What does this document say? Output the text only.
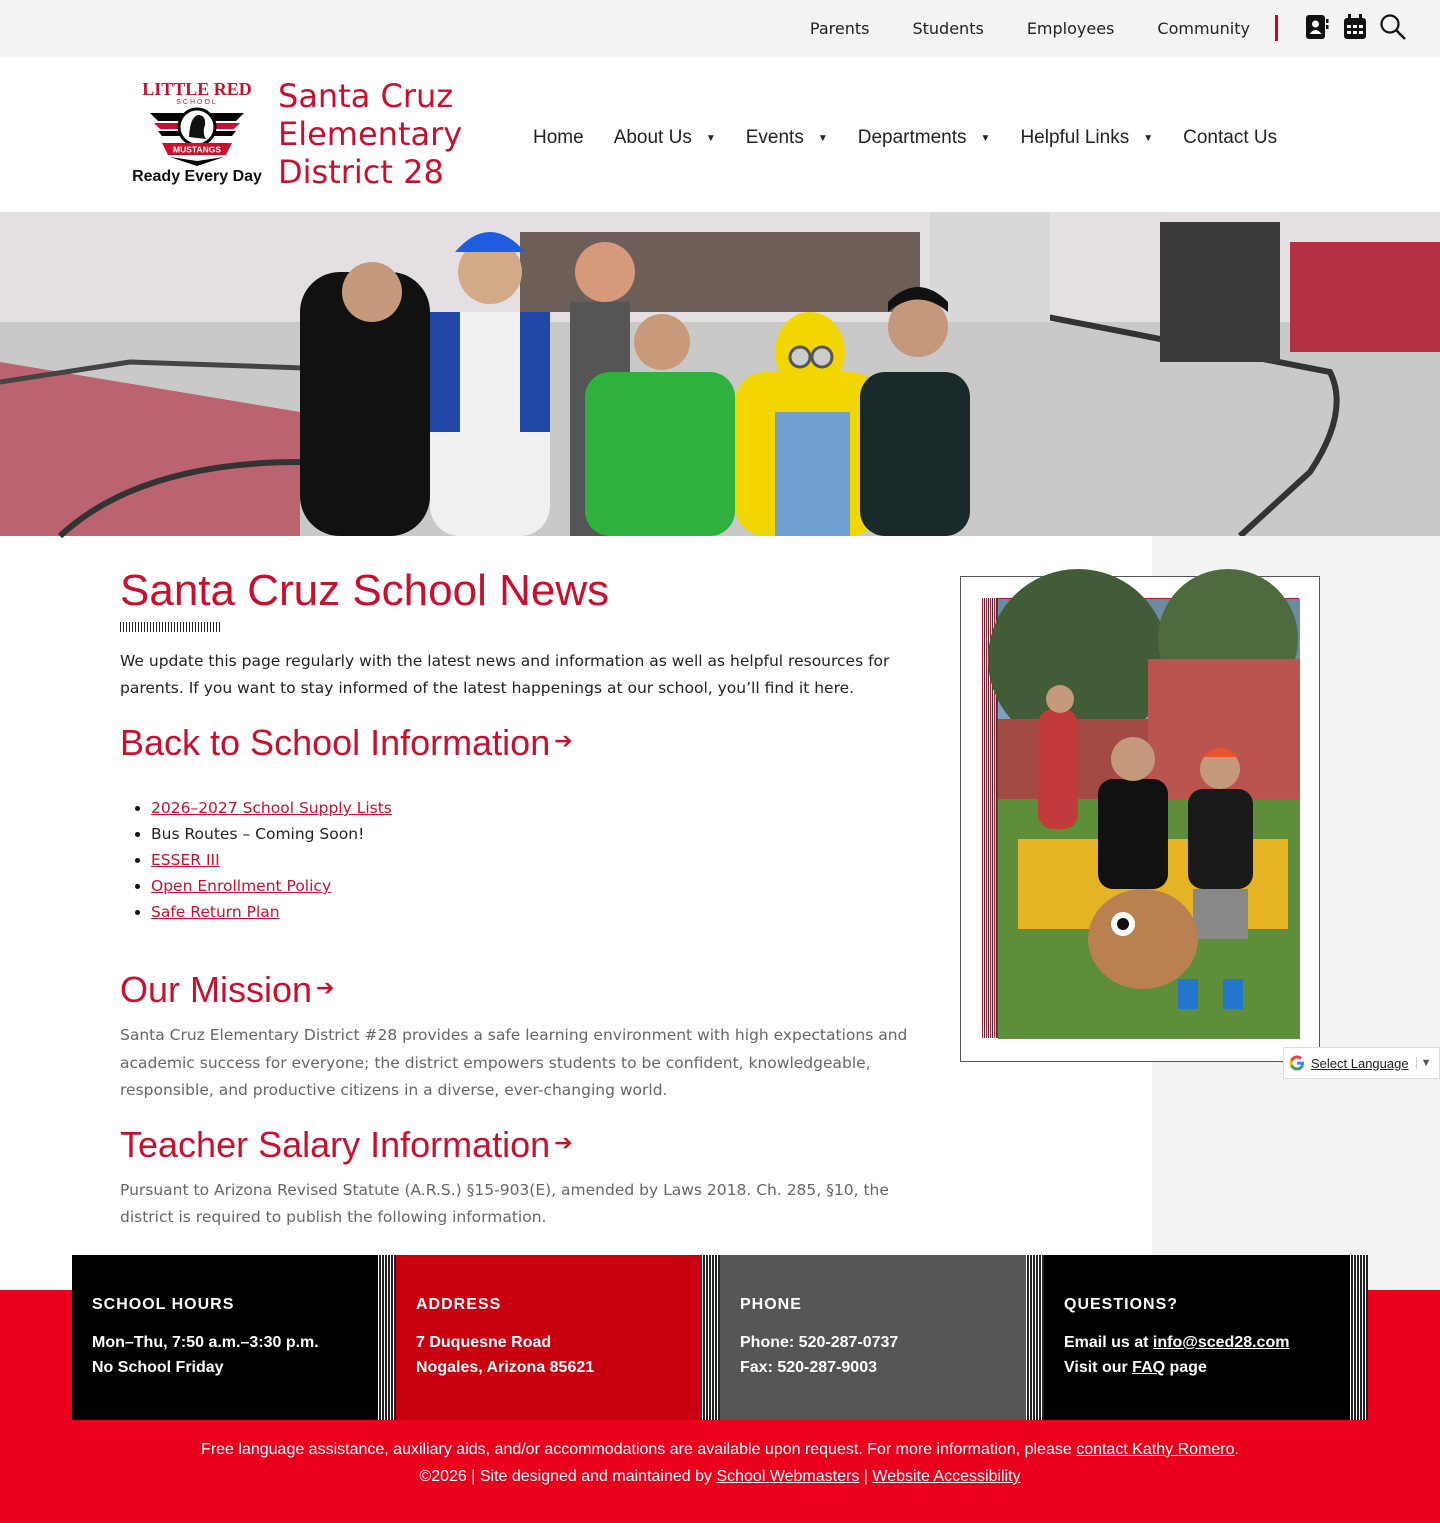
Parents	Students	Employees	Community
LITTLE RED
SCHOOL
MUSTANGS
Ready Every Day
Santa Cruz
Elementary
District 28
Home About Us ▼ Events ▼ Departments ▼ Helpful Links ▼ Contact Us
Santa Cruz School News

We update this page regularly with the latest news and information as well as helpful resources for parents. If you want to stay informed of the latest happenings at our school, you’ll find it here.

Back to School Information ➔
• 2026–2027 School Supply Lists
• Bus Routes – Coming Soon!
• ESSER III
• Open Enrollment Policy
• Safe Return Plan
Our Mission ➔

Santa Cruz Elementary District #28 provides a safe learning environment with high expectations and academic success for everyone; the district empowers students to be confident, knowledgeable, responsible, and productive citizens in a diverse, ever-changing world.

Teacher Salary Information ➔

Pursuant to Arizona Revised Statute (A.R.S.) §15-903(E), amended by Laws 2018. Ch. 285, §10, the district is required to publish the following information.

Select Language	▼
SCHOOL HOURS

Mon–Thu, 7:50 a.m.–3:30 p.m.

No School Friday

ADDRESS

7 Duquesne Road

Nogales, Arizona 85621

PHONE

Phone: 520-287-0737

Fax: 520-287-9003

QUESTIONS?

Email us at info@sced28.com

Visit our FAQ page

Free language assistance, auxiliary aids, and/or accommodations are available upon request. For more information, please contact Kathy Romero.
©2026 | Site designed and maintained by School Webmasters | Website Accessibility
